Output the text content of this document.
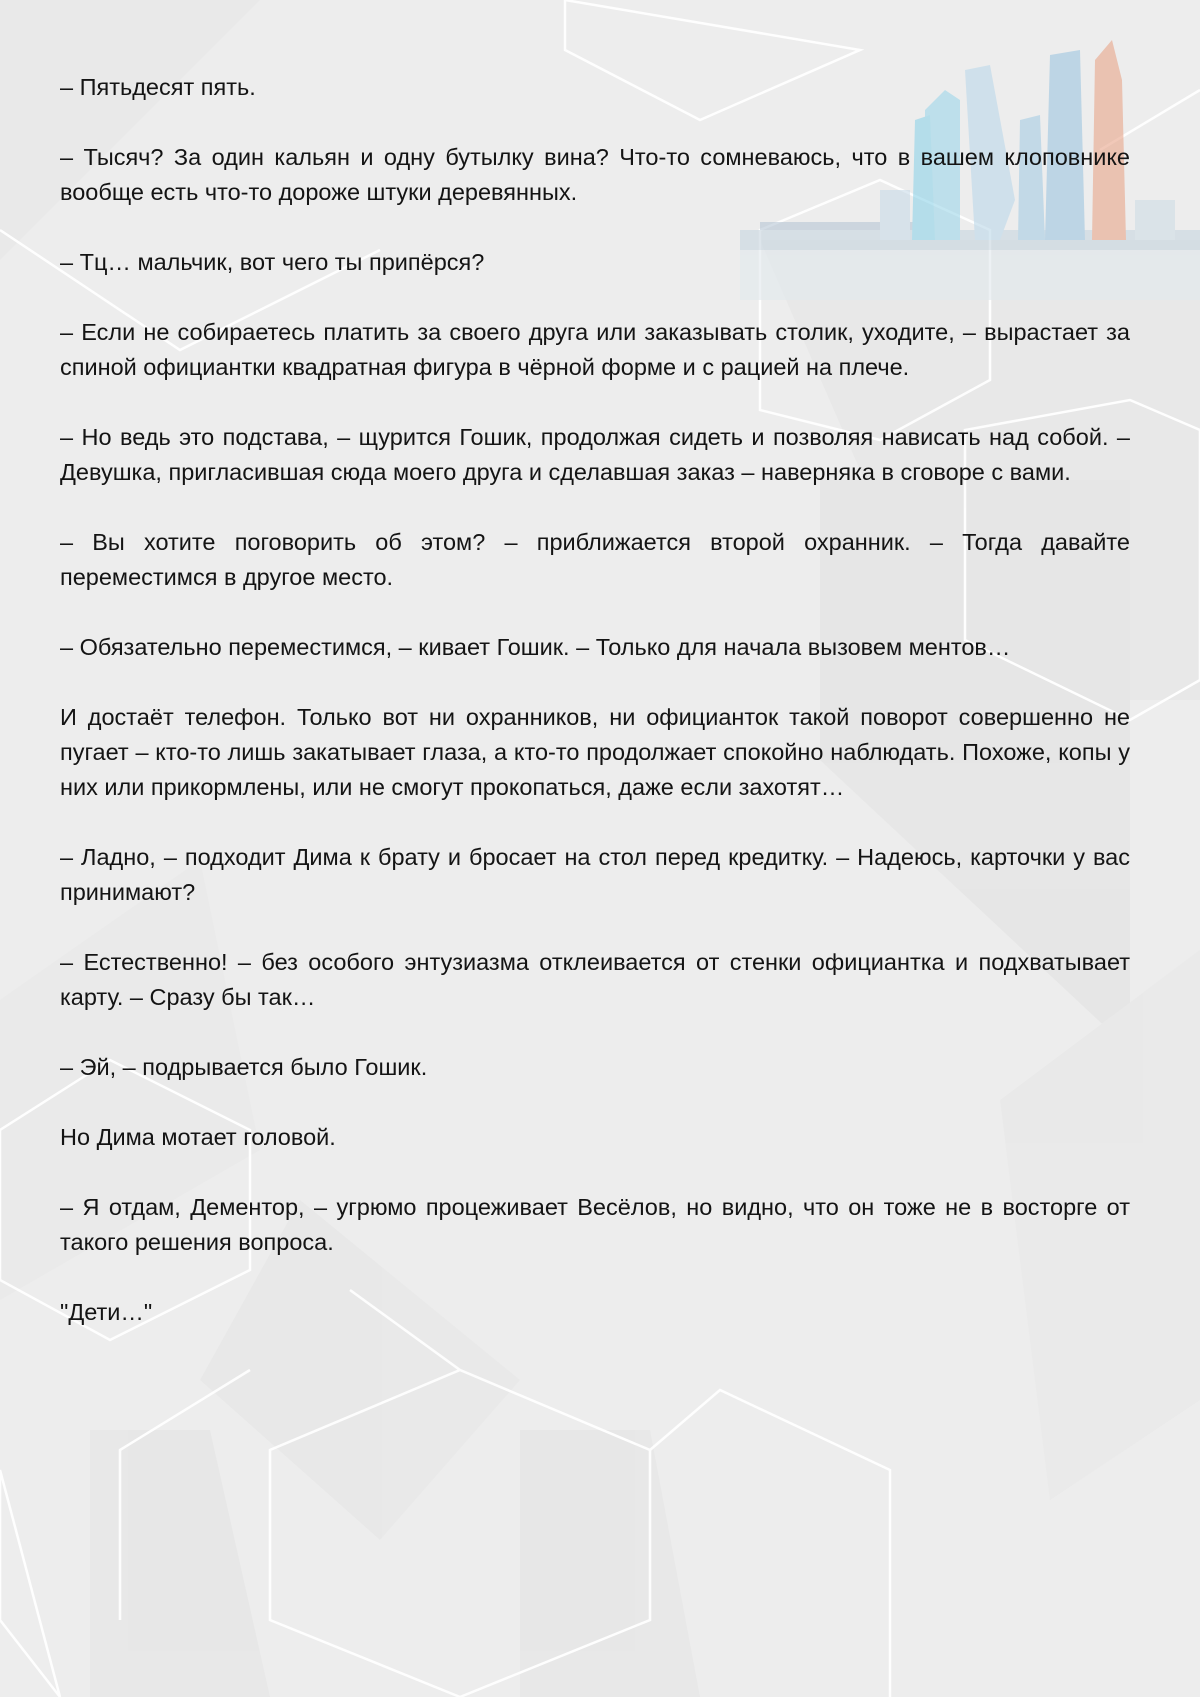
– Пятьдесят пять.

– Тысяч? За один кальян и одну бутылку вина? Что-то сомневаюсь, что в вашем клоповнике вообще есть что-то дороже штуки деревянных.

– Тц… мальчик, вот чего ты припёрся?

– Если не собираетесь платить за своего друга или заказывать столик, уходите, – вырастает за спиной официантки квадратная фигура в чёрной форме и с рацией на плече.

– Но ведь это подстава, – щурится Гошик, продолжая сидеть и позволяя нависать над собой. – Девушка, пригласившая сюда моего друга и сделавшая заказ – наверняка в сговоре с вами.

– Вы хотите поговорить об этом? – приближается второй охранник. – Тогда давайте переместимся в другое место.

– Обязательно переместимся, – кивает Гошик. – Только для начала вызовем ментов…

И достаёт телефон. Только вот ни охранников, ни официанток такой поворот совершенно не пугает – кто-то лишь закатывает глаза, а кто-то продолжает спокойно наблюдать. Похоже, копы у них или прикормлены, или не смогут прокопаться, даже если захотят…

– Ладно, – подходит Дима к брату и бросает на стол перед кредитку. – Надеюсь, карточки у вас принимают?

– Естественно! – без особого энтузиазма отклеивается от стенки официантка и подхватывает карту. – Сразу бы так…

– Эй, – подрывается было Гошик.

Но Дима мотает головой.

– Я отдам, Дементор, – угрюмо процеживает Весёлов, но видно, что он тоже не в восторге от такого решения вопроса.

"Дети…"
